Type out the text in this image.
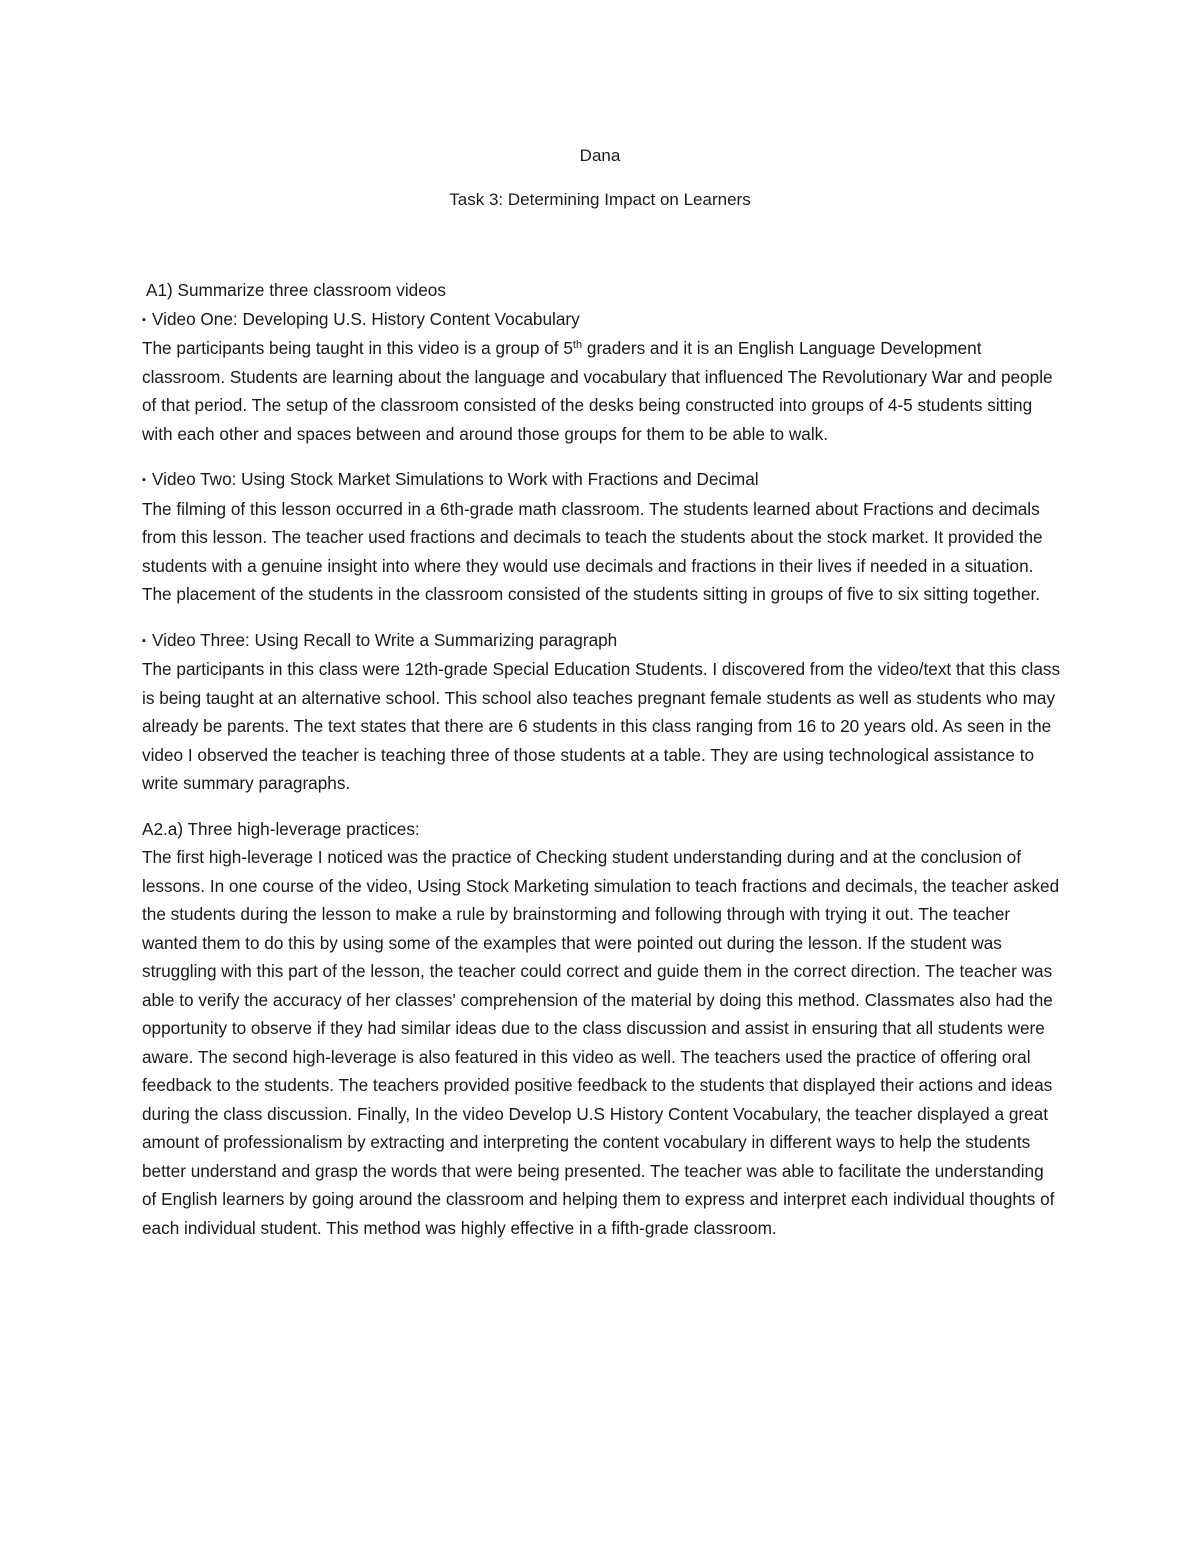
Dana
Task 3: Determining Impact on Learners

A1) Summarize three classroom videos

▪ Video One: Developing U.S. History Content Vocabulary

The participants being taught in this video is a group of 5th graders and it is an English Language Development classroom. Students are learning about the language and vocabulary that influenced The Revolutionary War and people of that period. The setup of the classroom consisted of the desks being constructed into groups of 4-5 students sitting with each other and spaces between and around those groups for them to be able to walk.

▪ Video Two: Using Stock Market Simulations to Work with Fractions and Decimal

The filming of this lesson occurred in a 6th-grade math classroom. The students learned about Fractions and decimals from this lesson. The teacher used fractions and decimals to teach the students about the stock market. It provided the students with a genuine insight into where they would use decimals and fractions in their lives if needed in a situation. The placement of the students in the classroom consisted of the students sitting in groups of five to six sitting together.

▪ Video Three: Using Recall to Write a Summarizing paragraph

The participants in this class were 12th-grade Special Education Students. I discovered from the video/text that this class is being taught at an alternative school. This school also teaches pregnant female students as well as students who may already be parents. The text states that there are 6 students in this class ranging from 16 to 20 years old. As seen in the video I observed the teacher is teaching three of those students at a table. They are using technological assistance to write summary paragraphs.

A2.a) Three high-leverage practices:

The first high-leverage I noticed was the practice of Checking student understanding during and at the conclusion of lessons. In one course of the video, Using Stock Marketing simulation to teach fractions and decimals, the teacher asked the students during the lesson to make a rule by brainstorming and following through with trying it out. The teacher wanted them to do this by using some of the examples that were pointed out during the lesson. If the student was struggling with this part of the lesson, the teacher could correct and guide them in the correct direction. The teacher was able to verify the accuracy of her classes' comprehension of the material by doing this method. Classmates also had the opportunity to observe if they had similar ideas due to the class discussion and assist in ensuring that all students were aware. The second high-leverage is also featured in this video as well. The teachers used the practice of offering oral feedback to the students. The teachers provided positive feedback to the students that displayed their actions and ideas during the class discussion. Finally, In the video Develop U.S History Content Vocabulary, the teacher displayed a great amount of professionalism by extracting and interpreting the content vocabulary in different ways to help the students better understand and grasp the words that were being presented. The teacher was able to facilitate the understanding of English learners by going around the classroom and helping them to express and interpret each individual thoughts of each individual student. This method was highly effective in a fifth-grade classroom.
